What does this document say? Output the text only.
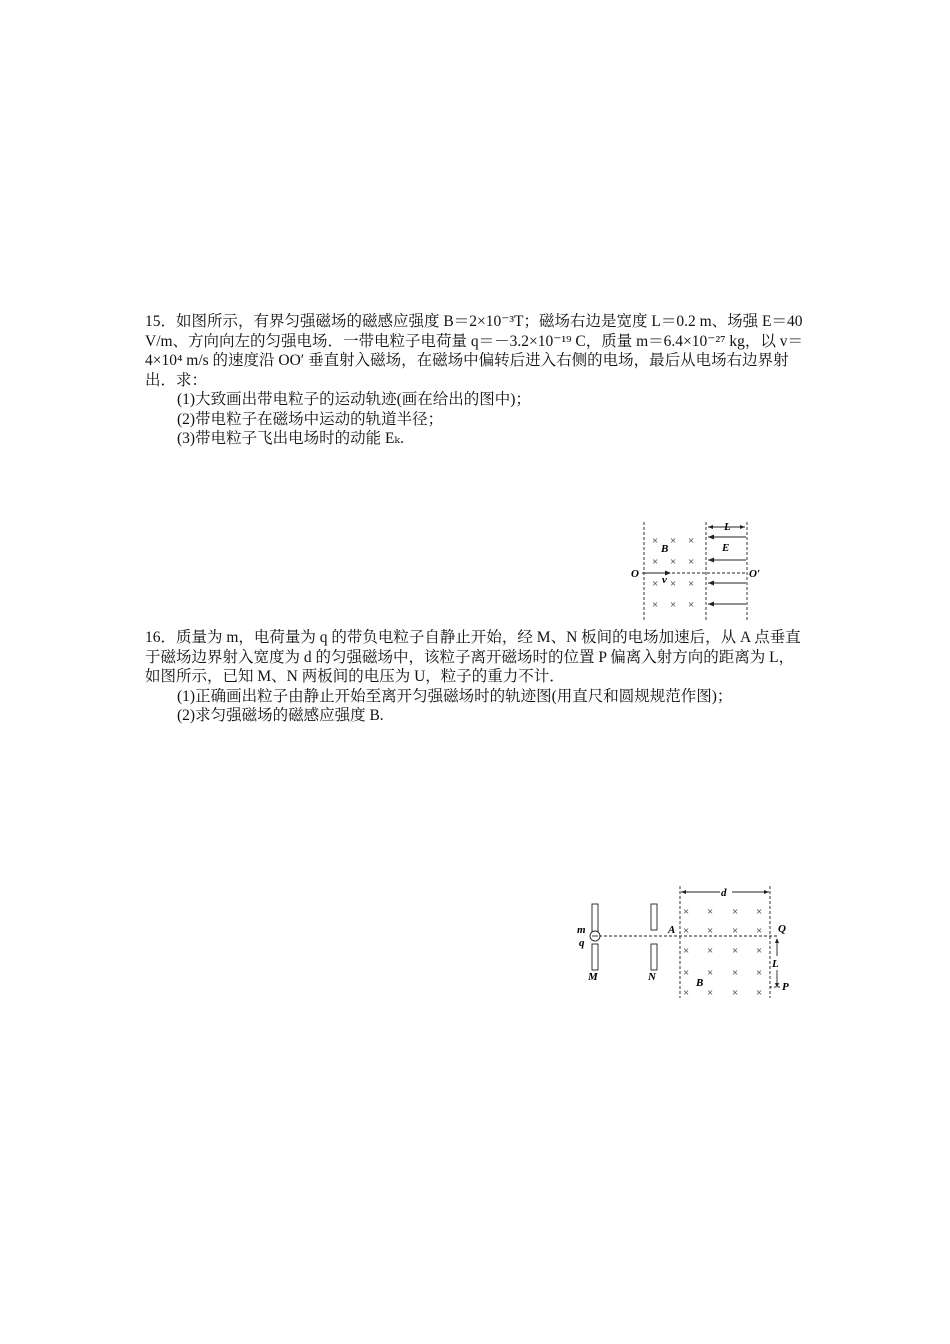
15．如图所示，有界匀强磁场的磁感应强度 B＝2×10⁻³T；磁场右边是宽度 L＝0.2 m、场强 E＝40 V/m、方向向左的匀强电场．一带电粒子电荷量 q＝－3.2×10⁻¹⁹ C，质量 m＝6.4×10⁻²⁷ kg，以 v＝4×10⁴ m/s 的速度沿 OO′ 垂直射入磁场，在磁场中偏转后进入右侧的电场，最后从电场右边界射出．求：

(1)大致画出带电粒子的运动轨迹(画在给出的图中)；

(2)带电粒子在磁场中运动的轨道半径；

(3)带电粒子飞出电场时的动能 Eₖ.

L
E
B
O	O′
v
× × ×
× × ×
× × ×
× × ×

16．质量为 m，电荷量为 q 的带负电粒子自静止开始，经 M、N 板间的电场加速后，从 A 点垂直于磁场边界射入宽度为 d 的匀强磁场中，该粒子离开磁场时的位置 P 偏离入射方向的距离为 L，如图所示，已知 M、N 两板间的电压为 U，粒子的重力不计．

(1)正确画出粒子由静止开始至离开匀强磁场时的轨迹图(用直尺和圆规规范作图)；

(2)求匀强磁场的磁感应强度 B.

d
m
q
M	N
A	Q
L
P
B
× × × ×
× × × ×
× × × ×
× × × ×
× × × ×
